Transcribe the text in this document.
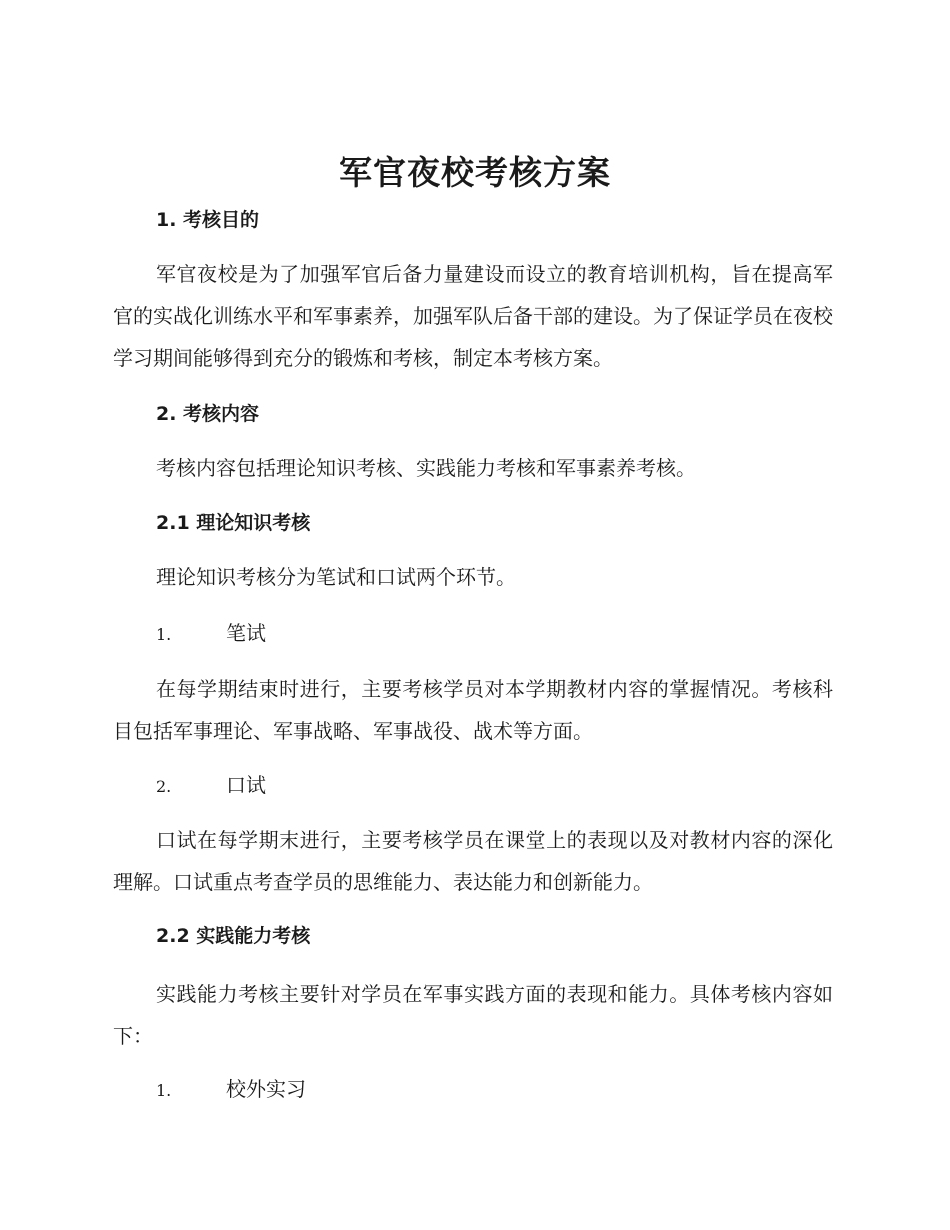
军官夜校考核方案

1. 考核目的

军官夜校是为了加强军官后备力量建设而设立的教育培训机构，旨在提高军官的实战化训练水平和军事素养，加强军队后备干部的建设。为了保证学员在夜校学习期间能够得到充分的锻炼和考核，制定本考核方案。

2. 考核内容

考核内容包括理论知识考核、实践能力考核和军事素养考核。

2.1 理论知识考核

理论知识考核分为笔试和口试两个环节。

1.	笔试

在每学期结束时进行，主要考核学员对本学期教材内容的掌握情况。考核科目包括军事理论、军事战略、军事战役、战术等方面。

2.	口试

口试在每学期末进行，主要考核学员在课堂上的表现以及对教材内容的深化理解。口试重点考查学员的思维能力、表达能力和创新能力。

2.2 实践能力考核

实践能力考核主要针对学员在军事实践方面的表现和能力。具体考核内容如下：

1.	校外实习
